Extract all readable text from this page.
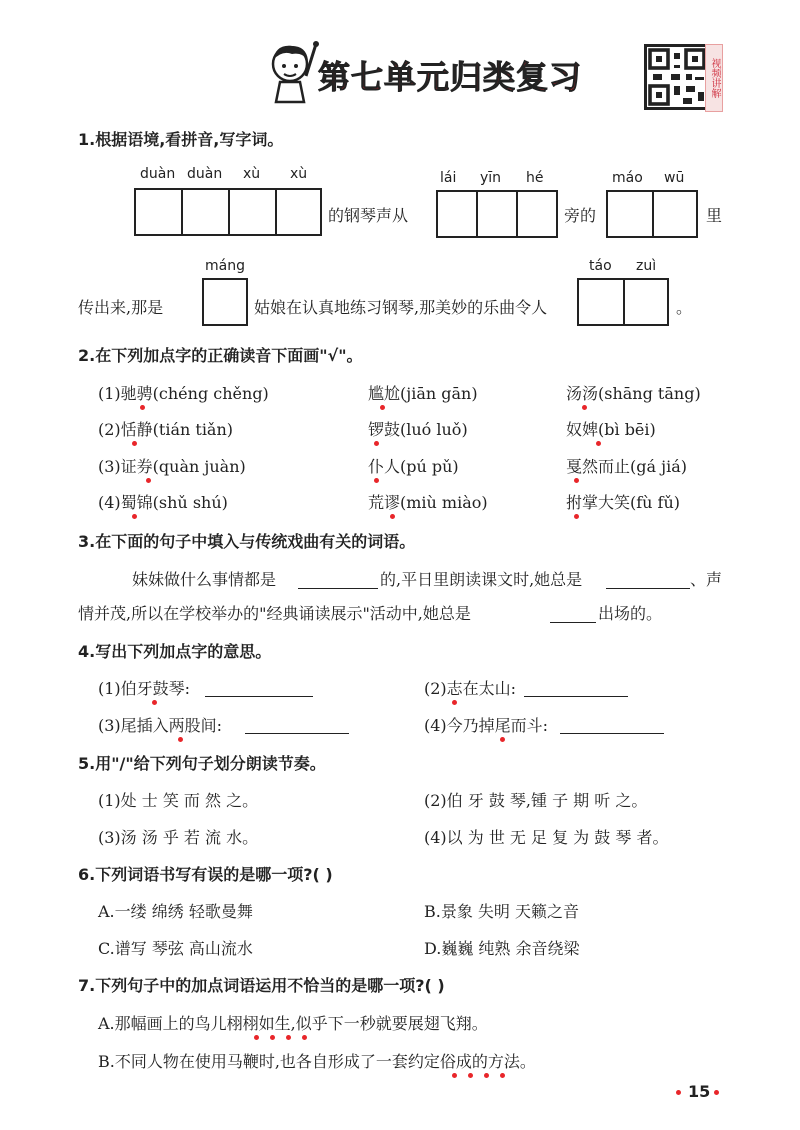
第七单元归类复习	视频讲解
1.根据语境,看拼音,写字词。
duàn duàn xù xù
的钢琴声从
lái yīn hé
旁的
máo wū
里
传出来,那是
máng
姑娘在认真地练习钢琴,那美妙的乐曲令人
táo zuì
。
2.在下列加点字的正确读音下面画"√"。
(1)驰骋(chéng chěng)	尴尬(jiān gān)	汤汤(shāng tāng)
(2)恬静(tián tiǎn)	锣鼓(luó luǒ)	奴婢(bì bēi)
(3)证券(quàn juàn)	仆人(pú pǔ)	戛然而止(gá jiá)
(4)蜀锦(shǔ shú)	荒谬(miù miào)	拊掌大笑(fù fǔ)
3.在下面的句子中填入与传统戏曲有关的词语。
妹妹做什么事情都是	的,平日里朗读课文时,她总是	、声
情并茂,所以在学校举办的"经典诵读展示"活动中,她总是	出场的。
4.写出下列加点字的意思。
(1)伯牙鼓琴:	(2)志在太山:
(3)尾插入两股间:	(4)今乃掉尾而斗:
5.用"/"给下列句子划分朗读节奏。
(1)处 士 笑 而 然 之。	(2)伯 牙 鼓 琴,锺 子 期 听 之。
(3)汤 汤 乎 若 流 水。	(4)以 为 世 无 足 复 为 鼓 琴 者。
6.下列词语书写有误的是哪一项?( )
A.一缕 绵绣 轻歌曼舞	B.景象 失明 天籁之音
C.谱写 琴弦 高山流水	D.巍巍 纯熟 余音绕梁
7.下列句子中的加点词语运用不恰当的是哪一项?( )
A.那幅画上的鸟儿栩栩如生,似乎下一秒就要展翅飞翔。
B.不同人物在使用马鞭时,也各自形成了一套约定俗成的方法。
15
